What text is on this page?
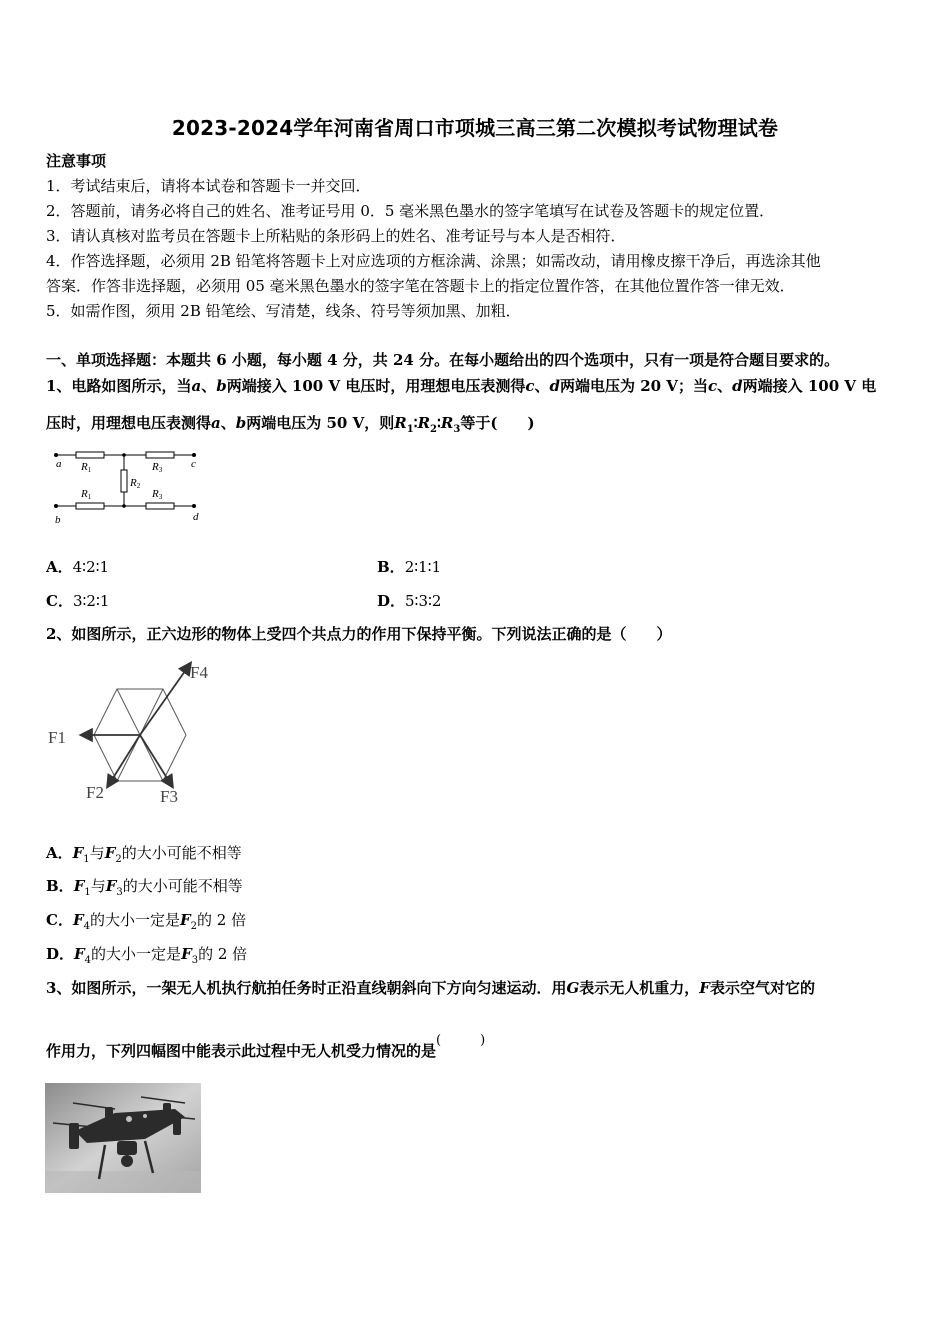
2023-2024学年河南省周口市项城三高三第二次模拟考试物理试卷
注意事项
1．考试结束后，请将本试卷和答题卡一并交回．
2．答题前，请务必将自己的姓名、准考证号用 0．5 毫米黑色墨水的签字笔填写在试卷及答题卡的规定位置．
3．请认真核对监考员在答题卡上所粘贴的条形码上的姓名、准考证号与本人是否相符．
4．作答选择题，必须用 2B 铅笔将答题卡上对应选项的方框涂满、涂黑；如需改动，请用橡皮擦干净后，再选涂其他
答案．作答非选择题，必须用 05 毫米黑色墨水的签字笔在答题卡上的指定位置作答，在其他位置作答一律无效．
5．如需作图，须用 2B 铅笔绘、写清楚，线条、符号等须加黑、加粗．
一、单项选择题：本题共 6 小题，每小题 4 分，共 24 分。在每小题给出的四个选项中，只有一项是符合题目要求的。
1、电路如图所示，当a、b两端接入 100 V 电压时，用理想电压表测得c、d两端电压为 20 V；当c、d两端接入 100 V 电
压时，用理想电压表测得a、b两端电压为 50 V，则$R_1∶R_2∶R_3$等于(　　)
a
b
c
d
R1	R3
R2
R1	R3
A．4∶2∶1	B．2∶1∶1
C．3∶2∶1	D．5∶3∶2
2、如图所示，正六边形的物体上受四个共点力的作用下保持平衡。下列说法正确的是（　　）
F1
F2	F3
F4
A．$F_1$与$F_2$的大小可能不相等
B．$F_1$与$F_3$的大小可能不相等
C．$F_4$的大小一定是$F_2$的 2 倍
D．$F_4$的大小一定是$F_3$的 2 倍
3、如图所示，一架无人机执行航拍任务时正沿直线朝斜向下方向匀速运动．用G表示无人机重力，F表示空气对它的
作用力，下列四幅图中能表示此过程中无人机受力情况的是(　　　)
